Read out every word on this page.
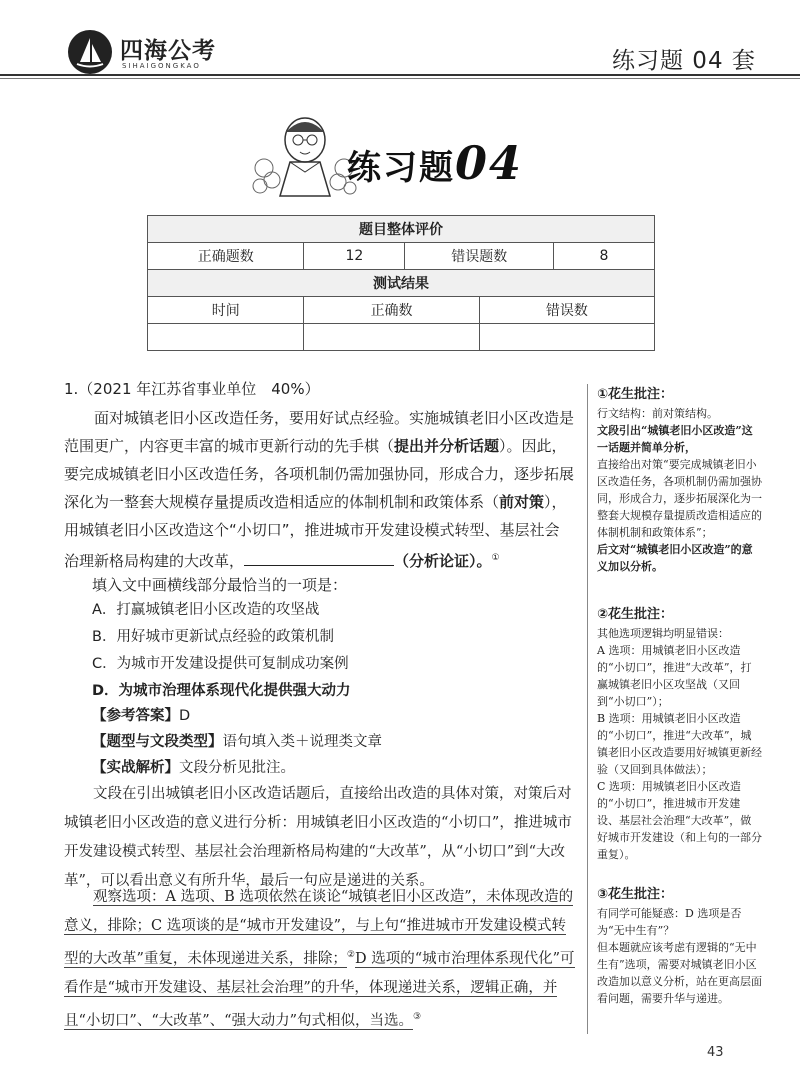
四海公考
SIHAIGONGKAO	练习题 04 套
练习题04
题目整体评价				
正确题数	12	错误题数		8
测试结果				
时间	正确数		错误数	

1.（2021 年江苏省事业单位　40%）
面对城镇老旧小区改造任务，要用好试点经验。实施城镇老旧小区改造是范围更广，内容更丰富的城市更新行动的先手棋（提出并分析话题）。因此，要完成城镇老旧小区改造任务，各项机制仍需加强协同，形成合力，逐步拓展深化为一整套大规模存量提质改造相适应的体制机制和政策体系（前对策），用城镇老旧小区改造这个“小切口”，推进城市开发建设模式转型、基层社会治理新格局构建的大改革，	（分析论证）。①
填入文中画横线部分最恰当的一项是：
A．打赢城镇老旧小区改造的攻坚战
B．用好城市更新试点经验的政策机制
C．为城市开发建设提供可复制成功案例
D．为城市治理体系现代化提供强大动力
【参考答案】D
【题型与文段类型】语句填入类＋说理类文章
【实战解析】文段分析见批注。
文段在引出城镇老旧小区改造话题后，直接给出改造的具体对策，对策后对城镇老旧小区改造的意义进行分析：用城镇老旧小区改造的“小切口”，推进城市开发建设模式转型、基层社会治理新格局构建的“大改革”，从“小切口”到“大改革”，可以看出意义有所升华，最后一句应是递进的关系。
观察选项：A 选项、B 选项依然在谈论“城镇老旧小区改造”，未体现改造的意义，排除；C 选项谈的是“城市开发建设”，与上句“推进城市开发建设模式转型的大改革”重复，未体现递进关系，排除；②D 选项的“城市治理体系现代化”可看作是“城市开发建设、基层社会治理”的升华，体现递进关系，逻辑正确，并且“小切口”、“大改革”、“强大动力”句式相似，当选。③
①花生批注：

行文结构：前对策结构。

文段引出“城镇老旧小区改造”这一话题并简单分析，

直接给出对策“要完成城镇老旧小区改造任务，各项机制仍需加强协同，形成合力，逐步拓展深化为一整套大规模存量提质改造相适应的体制机制和政策体系”；

后文对“城镇老旧小区改造”的意义加以分析。

②花生批注：

其他选项逻辑均明显错误：

A 选项：用城镇老旧小区改造的“小切口”，推进“大改革”，打赢城镇老旧小区攻坚战（又回到“小切口”）；

B 选项：用城镇老旧小区改造的“小切口”，推进“大改革”，城镇老旧小区改造要用好城镇更新经验（又回到具体做法）；

C 选项：用城镇老旧小区改造的“小切口”，推进城市开发建设、基层社会治理“大改革”，做好城市开发建设（和上句的一部分重复）。

③花生批注：

有同学可能疑惑：D 选项是否为“无中生有”？

但本题就应该考虑有逻辑的“无中生有”选项，需要对城镇老旧小区改造加以意义分析，站在更高层面看问题，需要升华与递进。

43
